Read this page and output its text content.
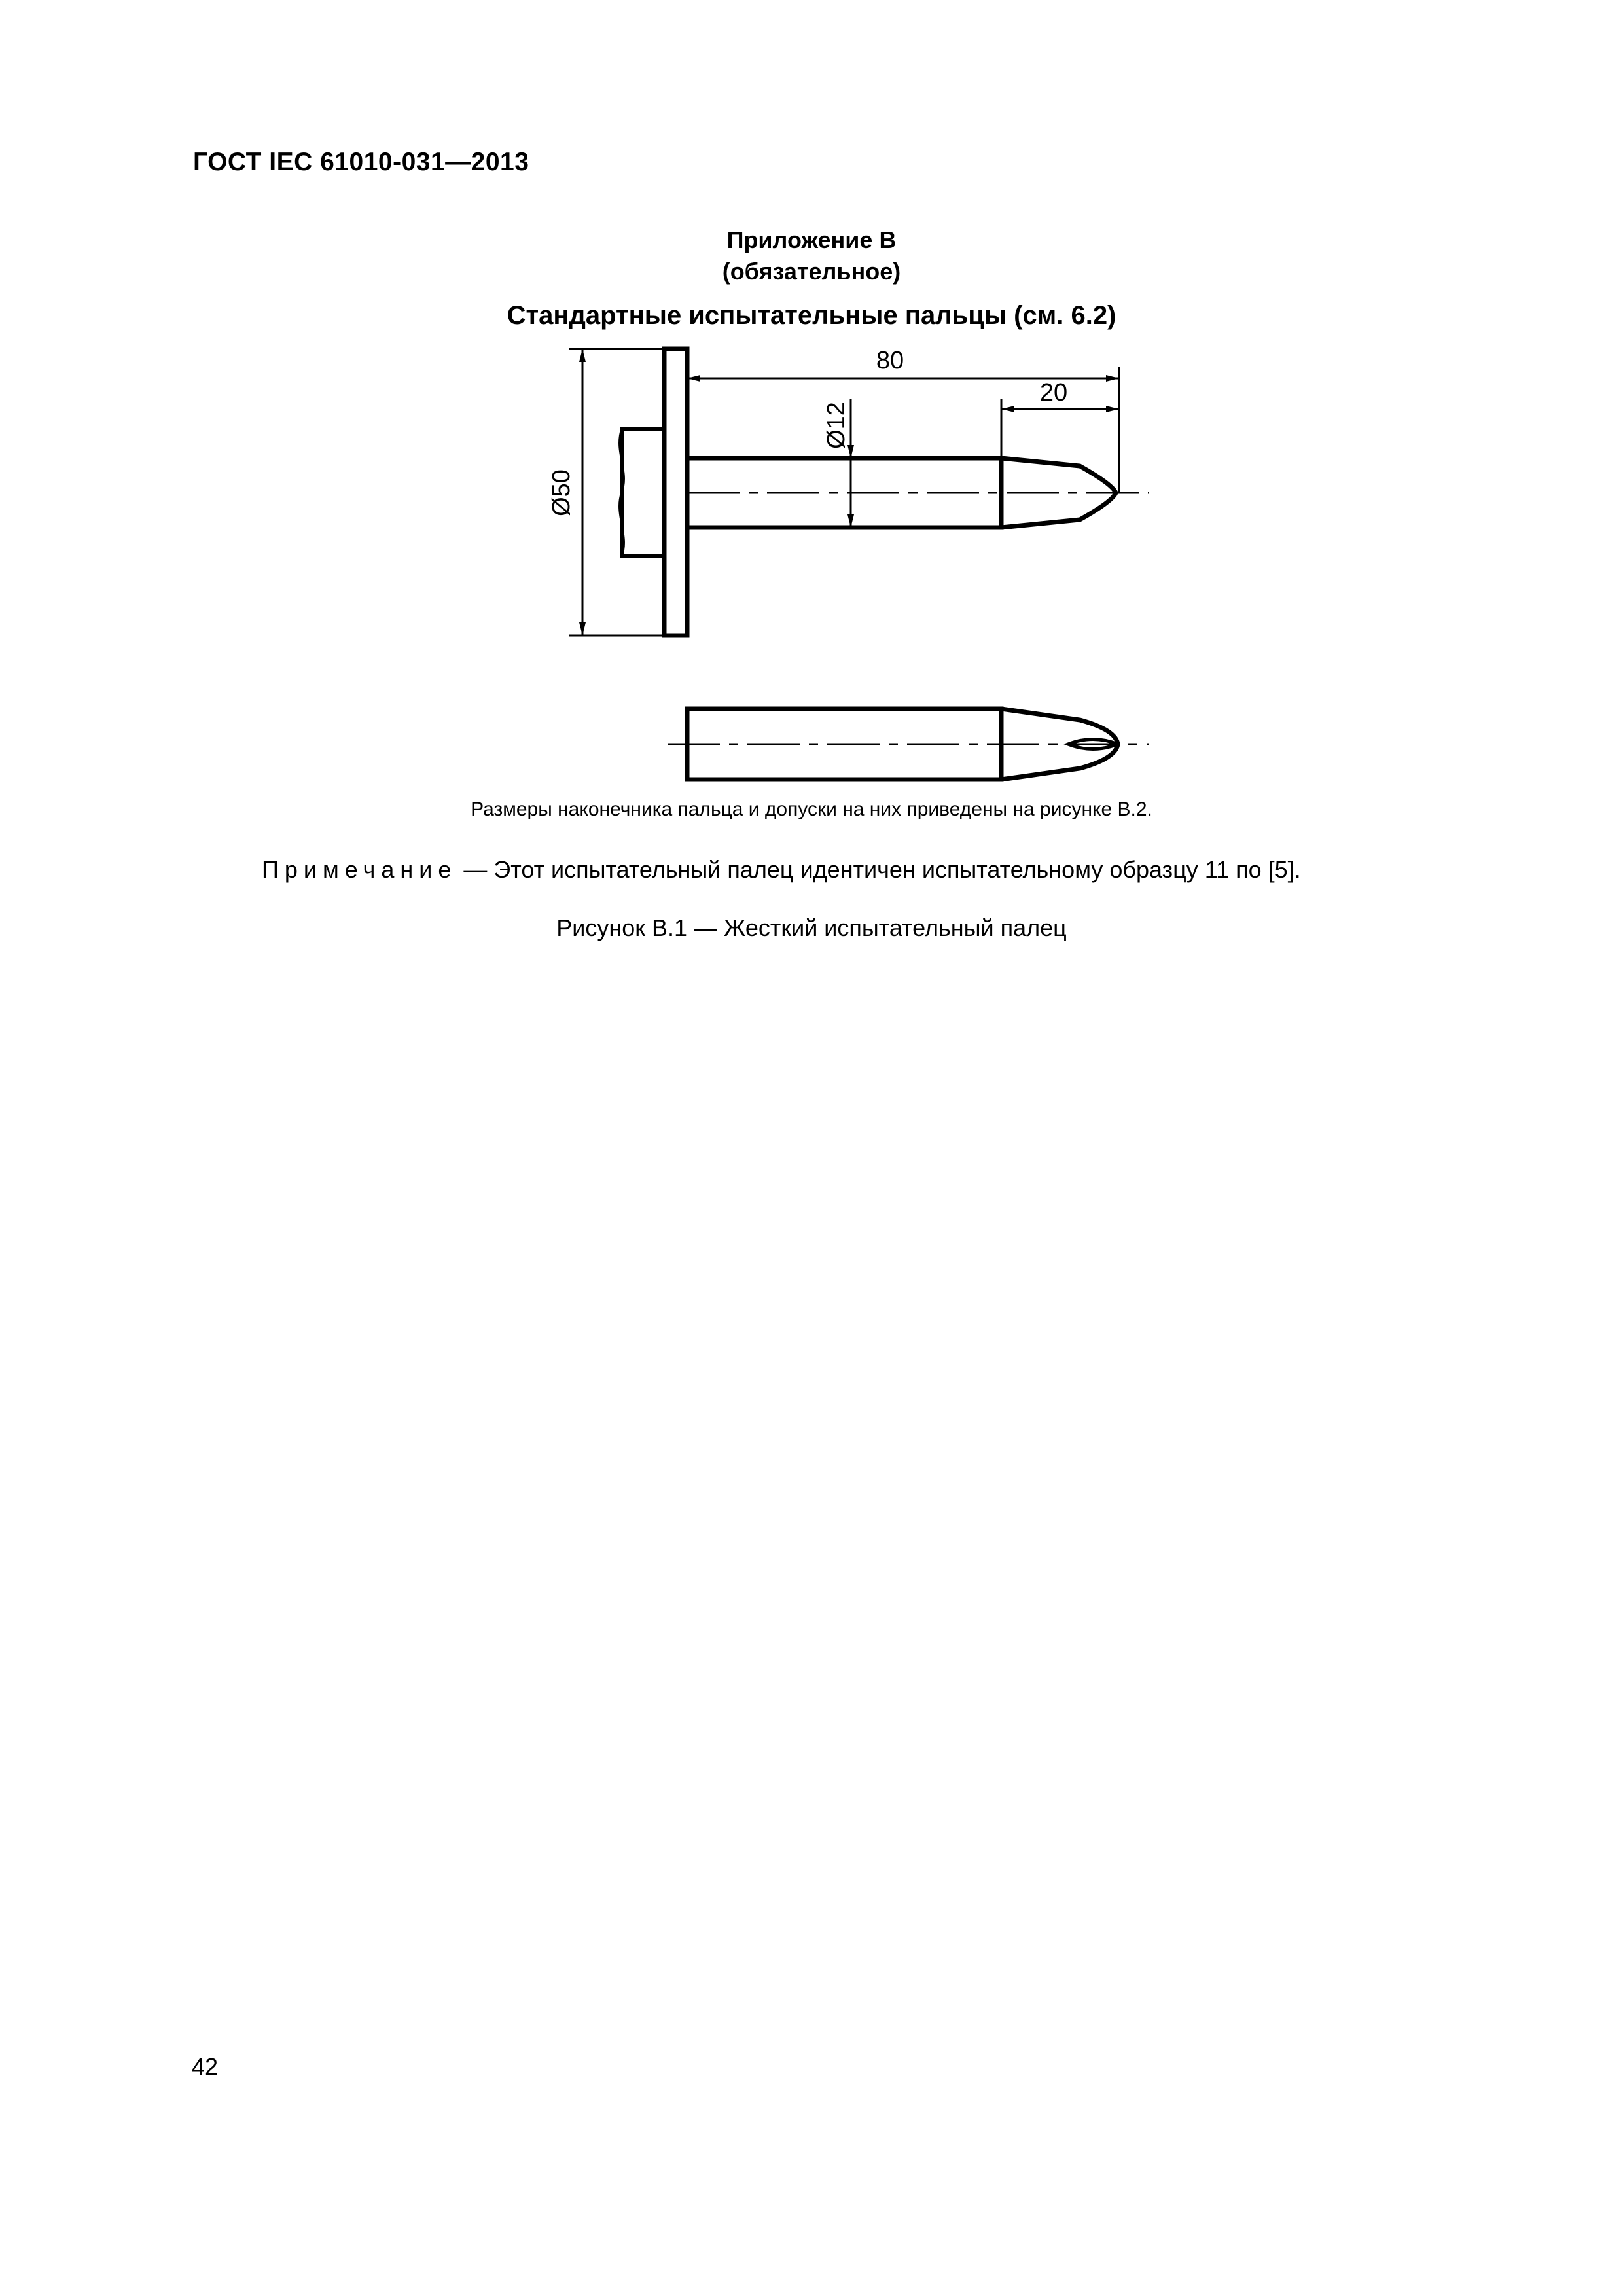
ГОСТ IEC 61010-031—2013
Приложение В
(обязательное)
Стандартные испытательные пальцы (см. 6.2)
80
20
Ø12
Ø50
Размеры наконечника пальца и допуски на них приведены на рисунке В.2.
Примечание — Этот испытательный палец идентичен испытательному образцу 11 по [5].
Рисунок В.1 — Жесткий испытательный палец
42
